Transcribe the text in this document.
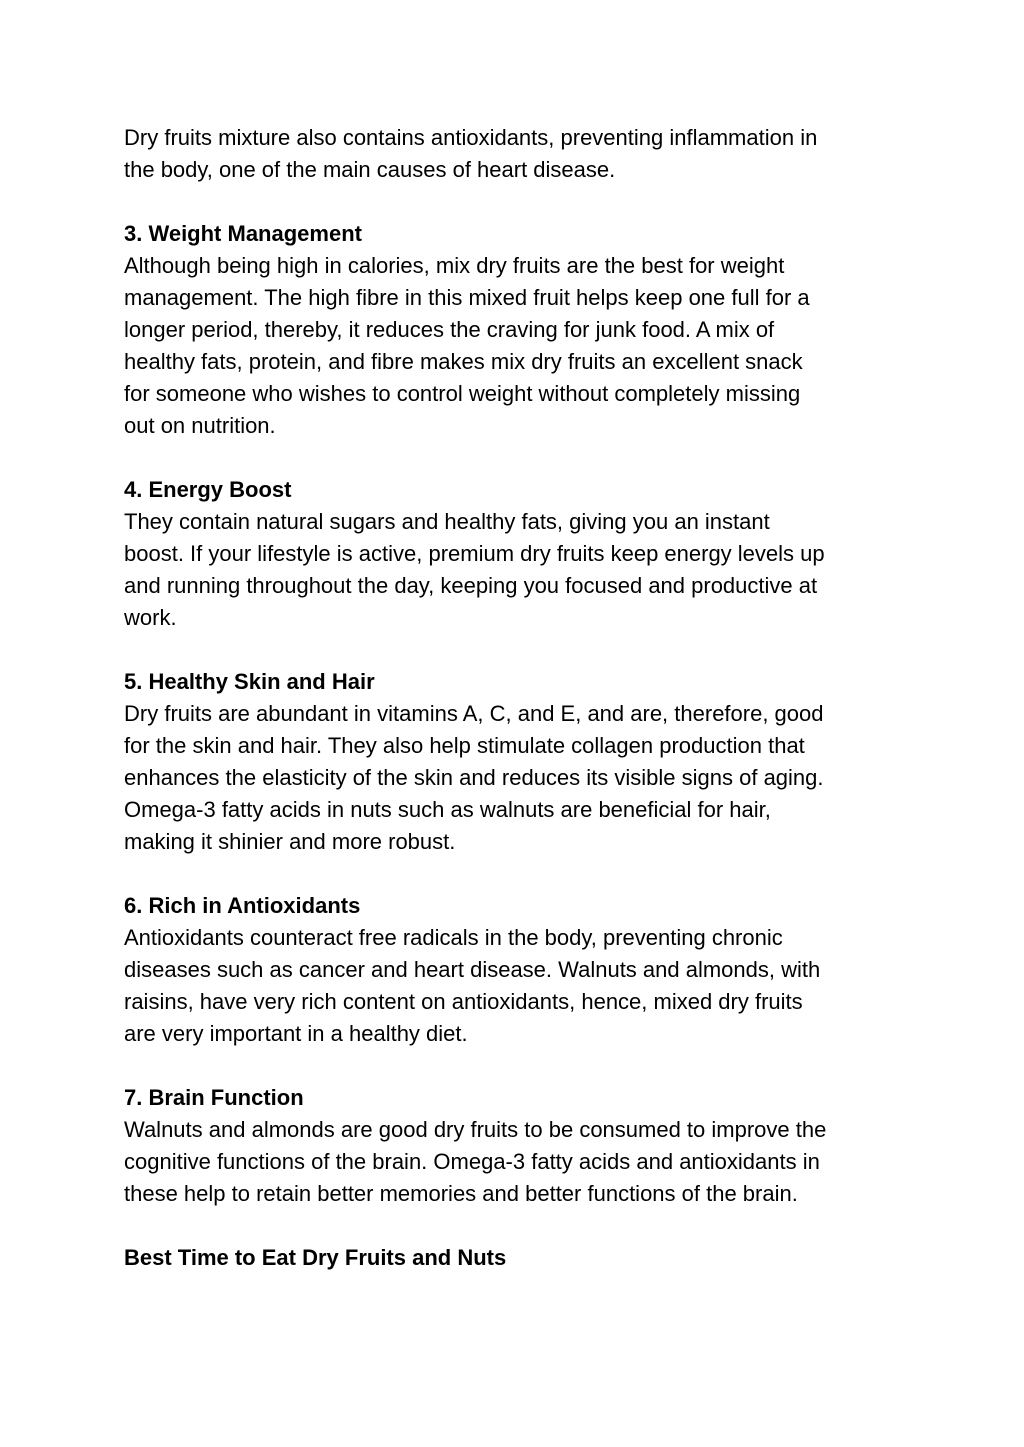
Dry fruits mixture also contains antioxidants, preventing inflammation in
the body, one of the main causes of heart disease.

3. Weight Management

Although being high in calories, mix dry fruits are the best for weight
management. The high fibre in this mixed fruit helps keep one full for a
longer period, thereby, it reduces the craving for junk food. A mix of
healthy fats, protein, and fibre makes mix dry fruits an excellent snack
for someone who wishes to control weight without completely missing
out on nutrition.

4. Energy Boost

They contain natural sugars and healthy fats, giving you an instant
boost. If your lifestyle is active, premium dry fruits keep energy levels up
and running throughout the day, keeping you focused and productive at
work.

5. Healthy Skin and Hair

Dry fruits are abundant in vitamins A, C, and E, and are, therefore, good
for the skin and hair. They also help stimulate collagen production that
enhances the elasticity of the skin and reduces its visible signs of aging.
Omega-3 fatty acids in nuts such as walnuts are beneficial for hair,
making it shinier and more robust.

6. Rich in Antioxidants

Antioxidants counteract free radicals in the body, preventing chronic
diseases such as cancer and heart disease. Walnuts and almonds, with
raisins, have very rich content on antioxidants, hence, mixed dry fruits
are very important in a healthy diet.

7. Brain Function

Walnuts and almonds are good dry fruits to be consumed to improve the
cognitive functions of the brain. Omega-3 fatty acids and antioxidants in
these help to retain better memories and better functions of the brain.

Best Time to Eat Dry Fruits and Nuts
